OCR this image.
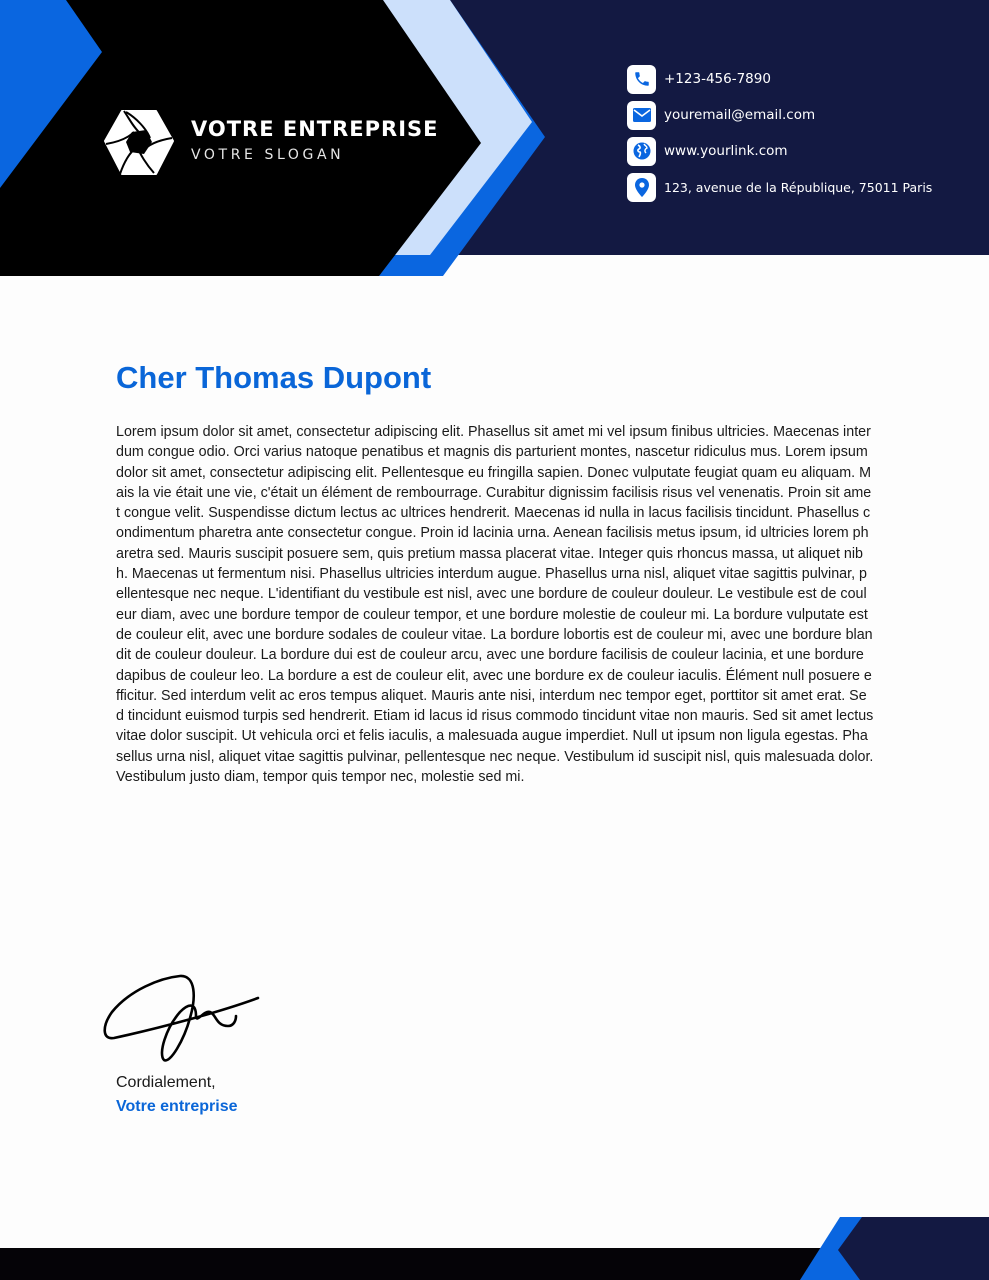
VOTRE ENTREPRISE
VOTRE SLOGAN
+123-456-7890
youremail@email.com
www.yourlink.com
123, avenue de la République, 75011 Paris
Cher Thomas Dupont
Lorem ipsum dolor sit amet, consectetur adipiscing elit. Phasellus sit amet mi vel ipsum finibus ultricies. Maecenas interdum congue odio. Orci varius natoque penatibus et magnis dis parturient montes, nascetur ridiculus mus. Lorem ipsum dolor sit amet, consectetur adipiscing elit. Pellentesque eu fringilla sapien. Donec vulputate feugiat quam eu aliquam. Mais la vie était une vie, c'était un élément de rembourrage. Curabitur dignissim facilisis risus vel venenatis. Proin sit amet congue velit. Suspendisse dictum lectus ac ultrices hendrerit. Maecenas id nulla in lacus facilisis tincidunt. Phasellus condimentum pharetra ante consectetur congue. Proin id lacinia urna. Aenean facilisis metus ipsum, id ultricies lorem pharetra sed. Mauris suscipit posuere sem, quis pretium massa placerat vitae. Integer quis rhoncus massa, ut aliquet nibh. Maecenas ut fermentum nisi. Phasellus ultricies interdum augue. Phasellus urna nisl, aliquet vitae sagittis pulvinar, pellentesque nec neque. L'identifiant du vestibule est nisl, avec une bordure de couleur douleur. Le vestibule est de couleur diam, avec une bordure tempor de couleur tempor, et une bordure molestie de couleur mi. La bordure vulputate est de couleur elit, avec une bordure sodales de couleur vitae. La bordure lobortis est de couleur mi, avec une bordure blandit de couleur douleur. La bordure dui est de couleur arcu, avec une bordure facilisis de couleur lacinia, et une bordure dapibus de couleur leo. La bordure a est de couleur elit, avec une bordure ex de couleur iaculis. Élément null posuere efficitur. Sed interdum velit ac eros tempus aliquet. Mauris ante nisi, interdum nec tempor eget, porttitor sit amet erat. Sed tincidunt euismod turpis sed hendrerit. Etiam id lacus id risus commodo tincidunt vitae non mauris. Sed sit amet lectus vitae dolor suscipit. Ut vehicula orci et felis iaculis, a malesuada augue imperdiet. Null ut ipsum non ligula egestas. Phasellus urna nisl, aliquet vitae sagittis pulvinar, pellentesque nec neque. Vestibulum id suscipit nisl, quis malesuada dolor. Vestibulum justo diam, tempor quis tempor nec, molestie sed mi.
Cordialement,
Votre entreprise
